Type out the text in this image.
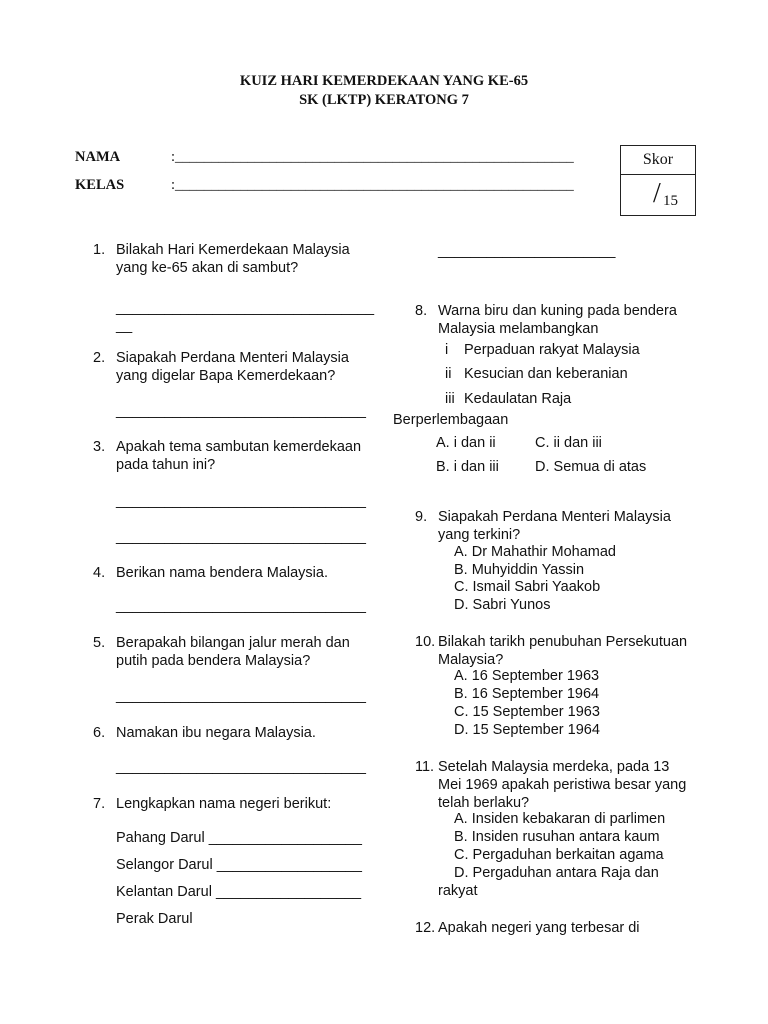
KUIZ HARI KEMERDEKAAN YANG KE-65
SK (LKTP) KERATONG 7
NAMA	:_______________________________________________________
KELAS	:_______________________________________________________
Skor
/ 15
1. Bilakah Hari Kemerdekaan Malaysia
yang ke-65 akan di sambut?
________________________________
__
2. Siapakah Perdana Menteri Malaysia
yang digelar Bapa Kemerdekaan?
_______________________________
3. Apakah tema sambutan kemerdekaan
pada tahun ini?
_______________________________
_______________________________
4. Berikan nama bendera Malaysia.
_______________________________
5. Berapakah bilangan jalur merah dan
putih pada bendera Malaysia?
_______________________________
6. Namakan ibu negara Malaysia.
_______________________________
7. Lengkapkan nama negeri berikut:
Pahang Darul ___________________
Selangor Darul __________________
Kelantan Darul __________________
Perak Darul
______________________
8. Warna biru dan kuning pada bendera
Malaysia melambangkan
i Perpaduan rakyat Malaysia
ii Kesucian dan keberanian
iii Kedaulatan Raja
Berperlembagaan
A. i dan ii	C. ii dan iii
B. i dan iii D. Semua di atas
9. Siapakah Perdana Menteri Malaysia
yang terkini?
A. Dr Mahathir Mohamad
B. Muhyiddin Yassin
C. Ismail Sabri Yaakob
D. Sabri Yunos
10. Bilakah tarikh penubuhan Persekutuan
Malaysia?
A. 16 September 1963
B. 16 September 1964
C. 15 September 1963
D. 15 September 1964
11. Setelah Malaysia merdeka, pada 13
Mei 1969 apakah peristiwa besar yang
telah berlaku?
A. Insiden kebakaran di parlimen
B. Insiden rusuhan antara kaum
C. Pergaduhan berkaitan agama
D. Pergaduhan antara Raja dan
rakyat
12. Apakah negeri yang terbesar di
